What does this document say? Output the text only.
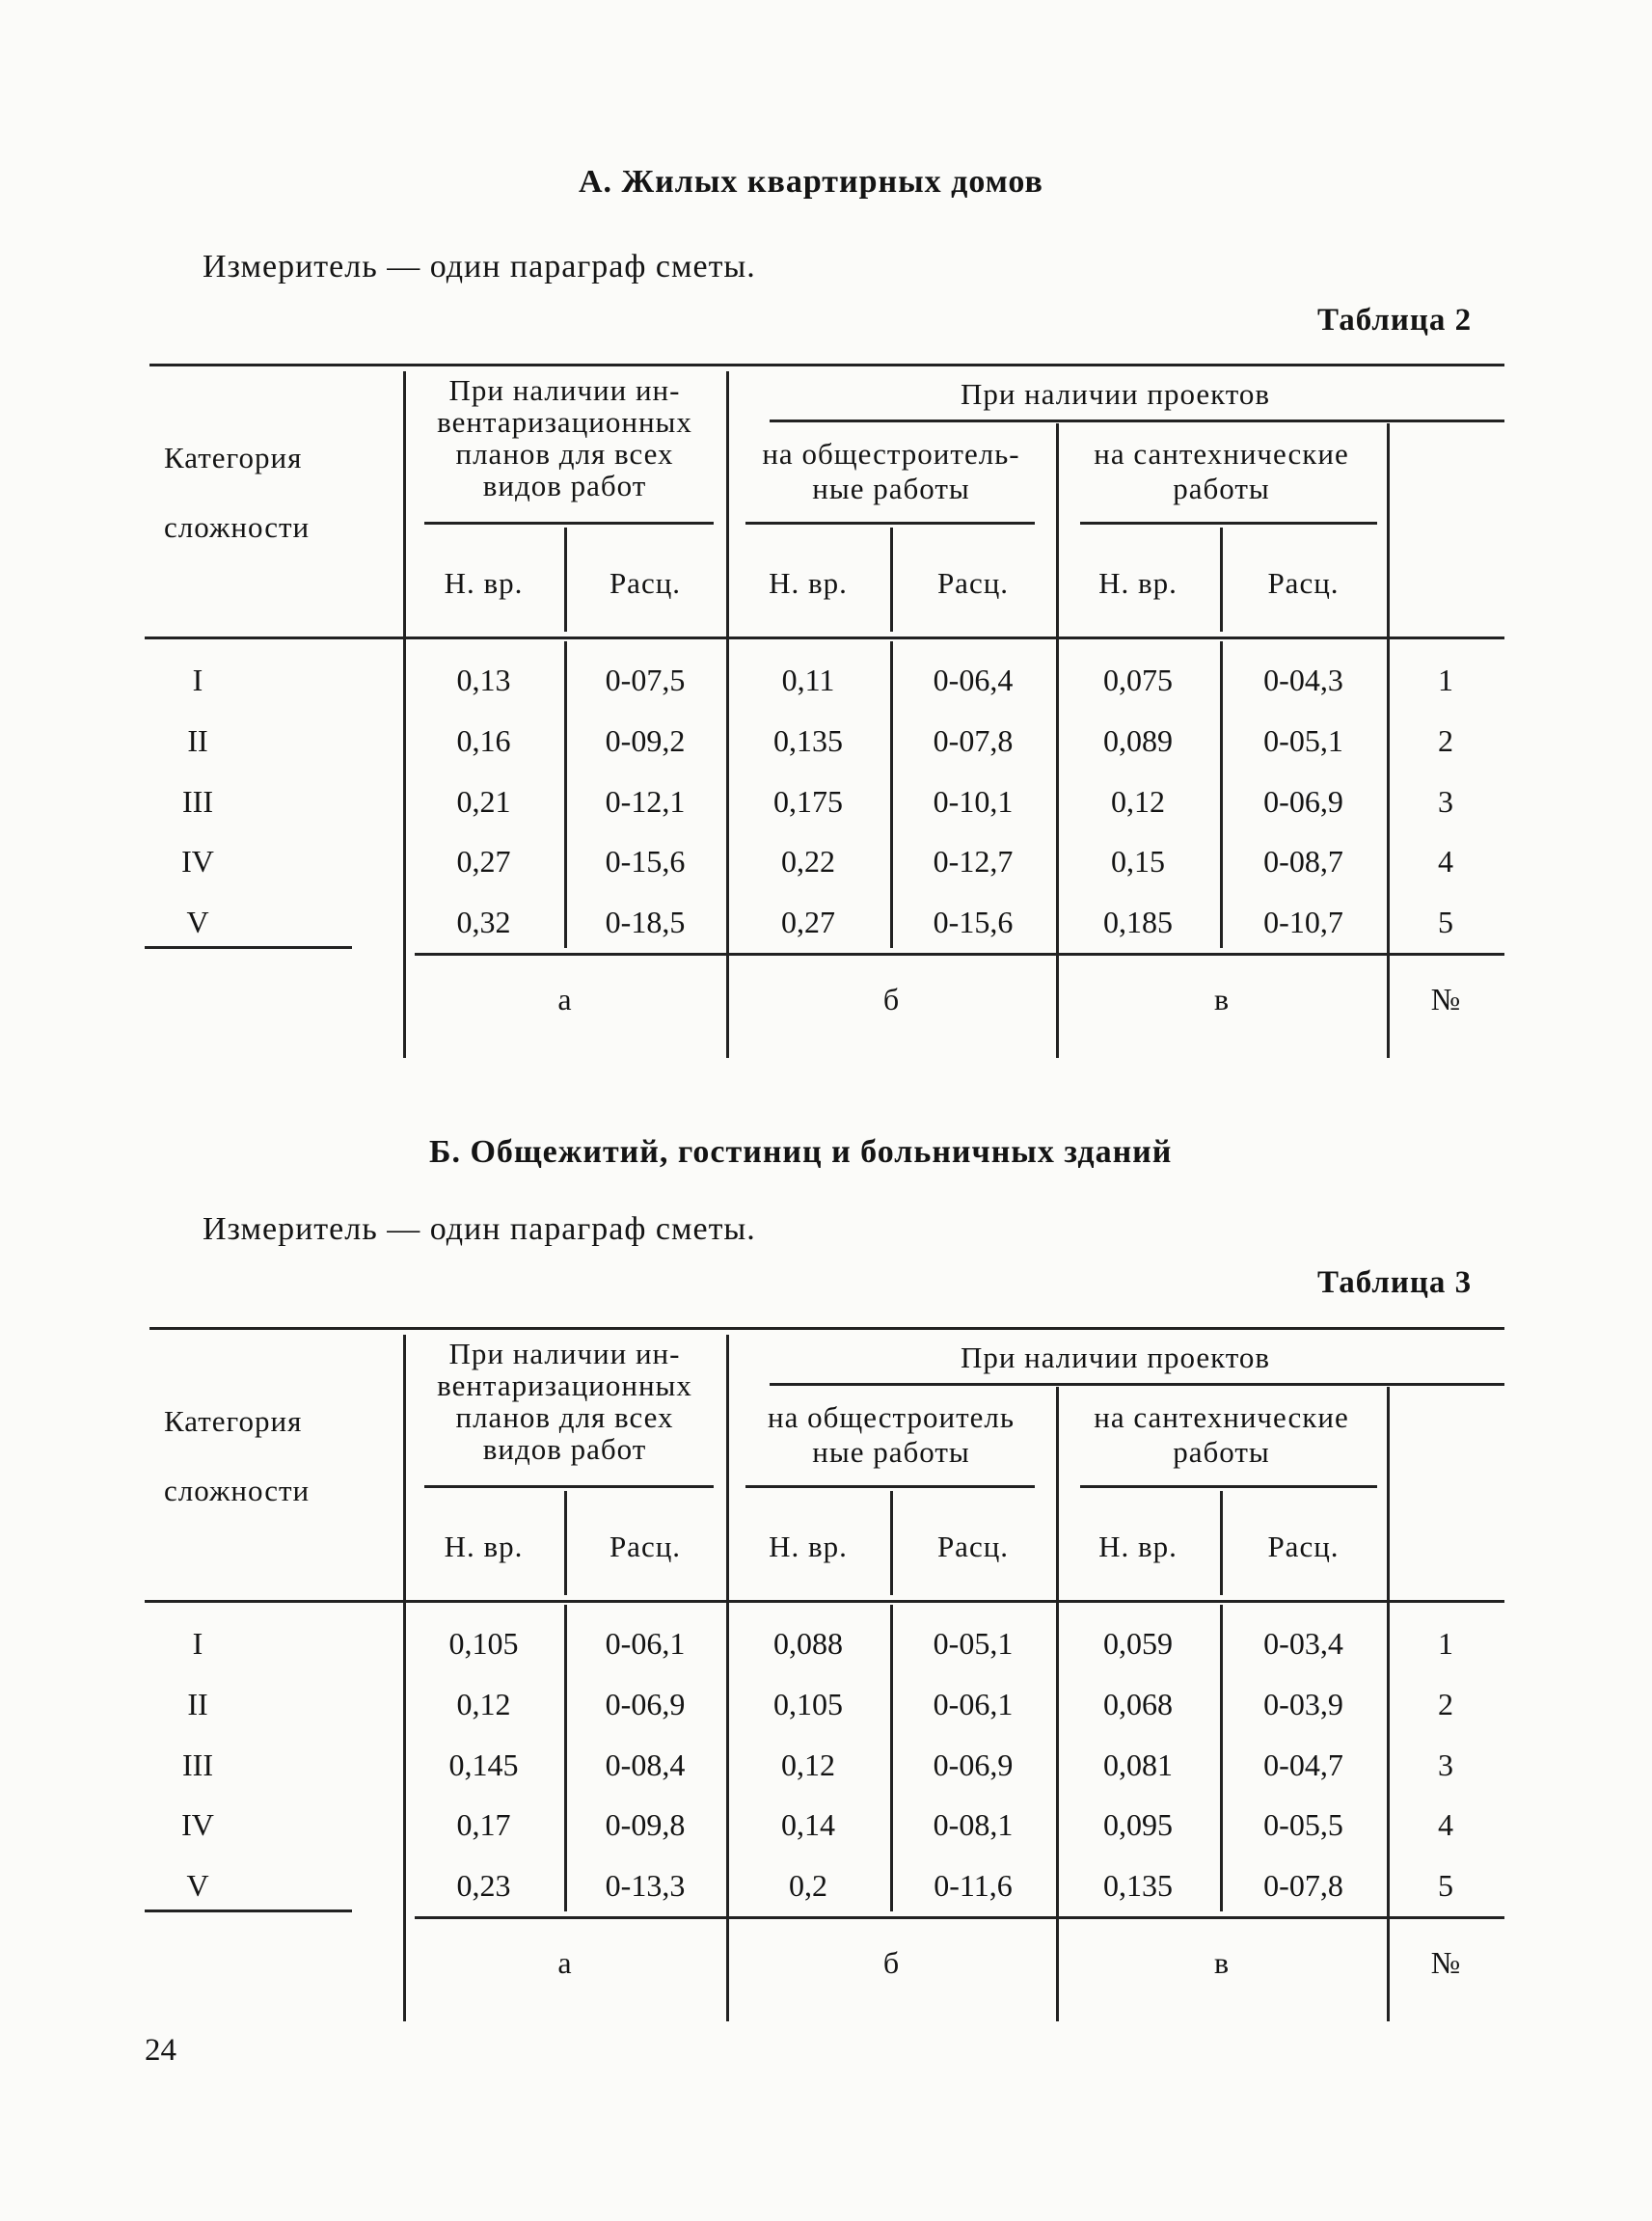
А. Жилых квартирных домов
Измеритель — один параграф сметы.
Таблица 2
Категория
сложности
При наличии ин-
вентаризационных
планов для всех
видов работ
При наличии проектов
на общестроитель-
ные работы
на сантехнические
работы
Н. вр.	Расц.	Н. вр.	Расц.	Н. вр.	Расц.
I	0,13	0-07,5	0,11	0-06,4	0,075	0-04,3	1
II	0,16	0-09,2	0,135	0-07,8	0,089	0-05,1	2
III	0,21	0-12,1	0,175	0-10,1	0,12	0-06,9	3
IV	0,27	0-15,6	0,22	0-12,7	0,15	0-08,7	4
V	0,32	0-18,5	0,27	0-15,6	0,185	0-10,7	5
а	б	в	№
Б. Общежитий, гостиниц и больничных зданий
Измеритель — один параграф сметы.
Таблица 3
Категория
сложности
При наличии ин-
вентаризационных
планов для всех
видов работ
При наличии проектов
на общестроитель
ные работы
на сантехнические
работы
Н. вр.	Расц.	Н. вр.	Расц.	Н. вр.	Расц.
I	0,105	0-06,1	0,088	0-05,1	0,059	0-03,4	1
II	0,12	0-06,9	0,105	0-06,1	0,068	0-03,9	2
III	0,145	0-08,4	0,12	0-06,9	0,081	0-04,7	3
IV	0,17	0-09,8	0,14	0-08,1	0,095	0-05,5	4
V	0,23	0-13,3	0,2	0-11,6	0,135	0-07,8	5
а	б	в	№
24
